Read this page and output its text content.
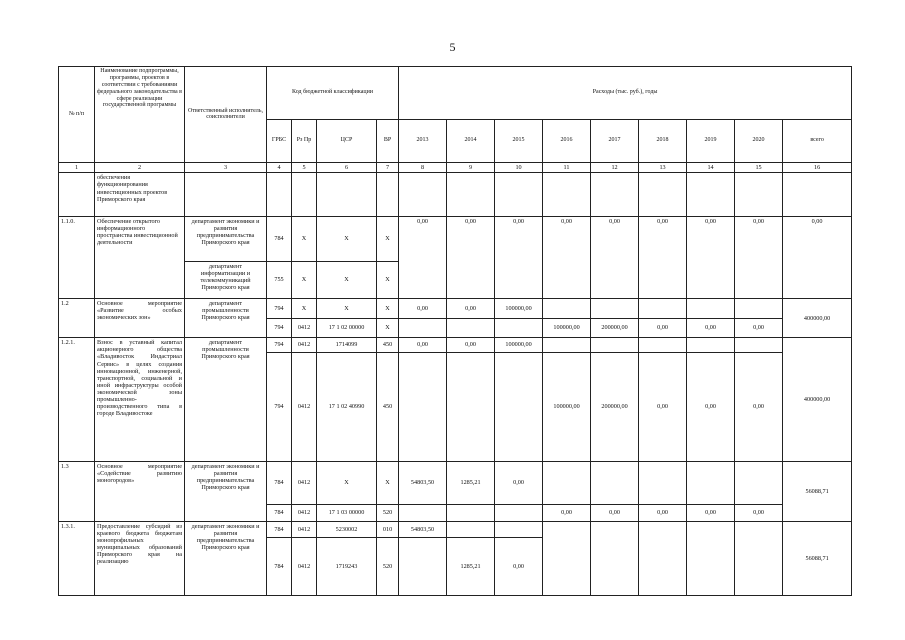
5
№ п/п	Наименование подпрограммы, программы, проектов в соответствии с требованиями федерального законодательства в сфере реализации государственной программы	Ответственный исполнитель, соисполнители	Код бюджетной классификации				Расходы (тыс. руб.), годы								
			ГРБС	Рз Пр	ЦСР	ВР	2013	2014	2015	2016	2017	2018	2019	2020	всего
1	2	3	4	5	6	7	8	9	10	11	12	13	14	15	16
	обеспечения функционирования инвестиционных проектов Приморского края														
1.1.0.	Обеспечение открытого информационного пространства инвестиционной деятельности	департамент экономики и развития предпринимательства Приморского края	784	X	X	X	0,00	0,00	0,00	0,00	0,00	0,00	0,00	0,00	0,00
		департамент информатизации и телекоммуникаций Приморского края	755	X	X	X									
1.2	Основное мероприятие «Развитие особых экономических зон»	департамент промышленности Приморского края	794	X	X	X	0,00	0,00	100000,00						400000,00
			794	0412	17 1 02 00000	X				100000,00	200000,00	0,00	0,00	0,00	
1.2.1.	Взнос в уставный капитал акционерного общества «Владивосток Индастриал Сервис» в целях создания инновационной, инженерной, транспортной, социальной и иной инфраструктуры особой экономической зоны промышленно-производственного типа в городе Владивостоке	департамент промышленности Приморского края	794	0412	1714099	450	0,00	0,00	100000,00						400000,00
			794	0412	17 1 02 40990	450				100000,00	200000,00	0,00	0,00	0,00	
1.3	Основное мероприятие «Содействие развитию моногородов»	департамент экономики и развития предпринимательства Приморского края	784	0412	X	X	54803,50	1285,21	0,00						56088,71
			784	0412	17 1 03 00000	520				0,00	0,00	0,00	0,00	0,00	
1.3.1.	Предоставление субсидий из краевого бюджета бюджетам монопрофильных муниципальных образований Приморского края на реализацию	департамент экономики и развития предпринимательства Приморского края	784	0412	5230002	010	54803,50								56088,71
			784	0412	1719243	520		1285,21	0,00						
